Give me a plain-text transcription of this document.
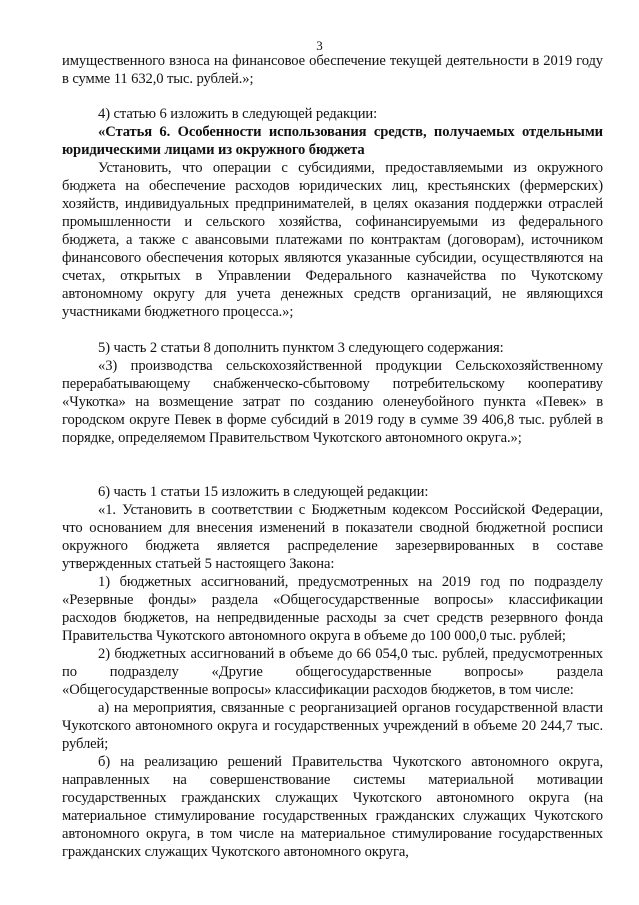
3

имущественного взноса на финансовое обеспечение текущей деятельности в 2019 году в сумме 11 632,0 тыс. рублей.»;

4) статью 6 изложить в следующей редакции:

«Статья 6. Особенности использования средств, получаемых отдельными юридическими лицами из окружного бюджета

Установить, что операции с субсидиями, предоставляемыми из окружного бюджета на обеспечение расходов юридических лиц, крестьянских (фермерских) хозяйств, индивидуальных предпринимателей, в целях оказания поддержки отраслей промышленности и сельского хозяйства, софинансируемыми из федерального бюджета, а также с авансовыми платежами по контрактам (договорам), источником финансового обеспечения которых являются указанные субсидии, осуществляются на счетах, открытых в Управлении Федерального казначейства по Чукотскому автономному округу для учета денежных средств организаций, не являющихся участниками бюджетного процесса.»;

5) часть 2 статьи 8 дополнить пунктом 3 следующего содержания:

«3) производства сельскохозяйственной продукции Сельскохозяйственному перерабатывающему снабженческо-сбытовому потребительскому кооперативу «Чукотка» на возмещение затрат по созданию оленеубойного пункта «Певек» в городском округе Певек в форме субсидий в 2019 году в сумме 39 406,8 тыс. рублей в порядке, определяемом Правительством Чукотского автономного округа.»;

6) часть 1 статьи 15 изложить в следующей редакции:

«1. Установить в соответствии с Бюджетным кодексом Российской Федерации, что основанием для внесения изменений в показатели сводной бюджетной росписи окружного бюджета является распределение зарезервированных в составе утвержденных статьей 5 настоящего Закона:

1) бюджетных ассигнований, предусмотренных на 2019 год по подразделу «Резервные фонды» раздела «Общегосударственные вопросы» классификации расходов бюджетов, на непредвиденные расходы за счет средств резервного фонда Правительства Чукотского автономного округа в объеме до 100 000,0 тыс. рублей;

2) бюджетных ассигнований в объеме до 66 054,0 тыс. рублей, предусмотренных по подразделу «Другие общегосударственные вопросы» раздела «Общегосударственные вопросы» классификации расходов бюджетов, в том числе:

а) на мероприятия, связанные с реорганизацией органов государственной власти Чукотского автономного округа и государственных учреждений в объеме 20 244,7 тыс. рублей;

б) на реализацию решений Правительства Чукотского автономного округа, направленных на совершенствование системы материальной мотивации государственных гражданских служащих Чукотского автономного округа (на материальное стимулирование государственных гражданских служащих Чукотского автономного округа, в том числе на материальное стимулирование государственных гражданских служащих Чукотского автономного округа,
